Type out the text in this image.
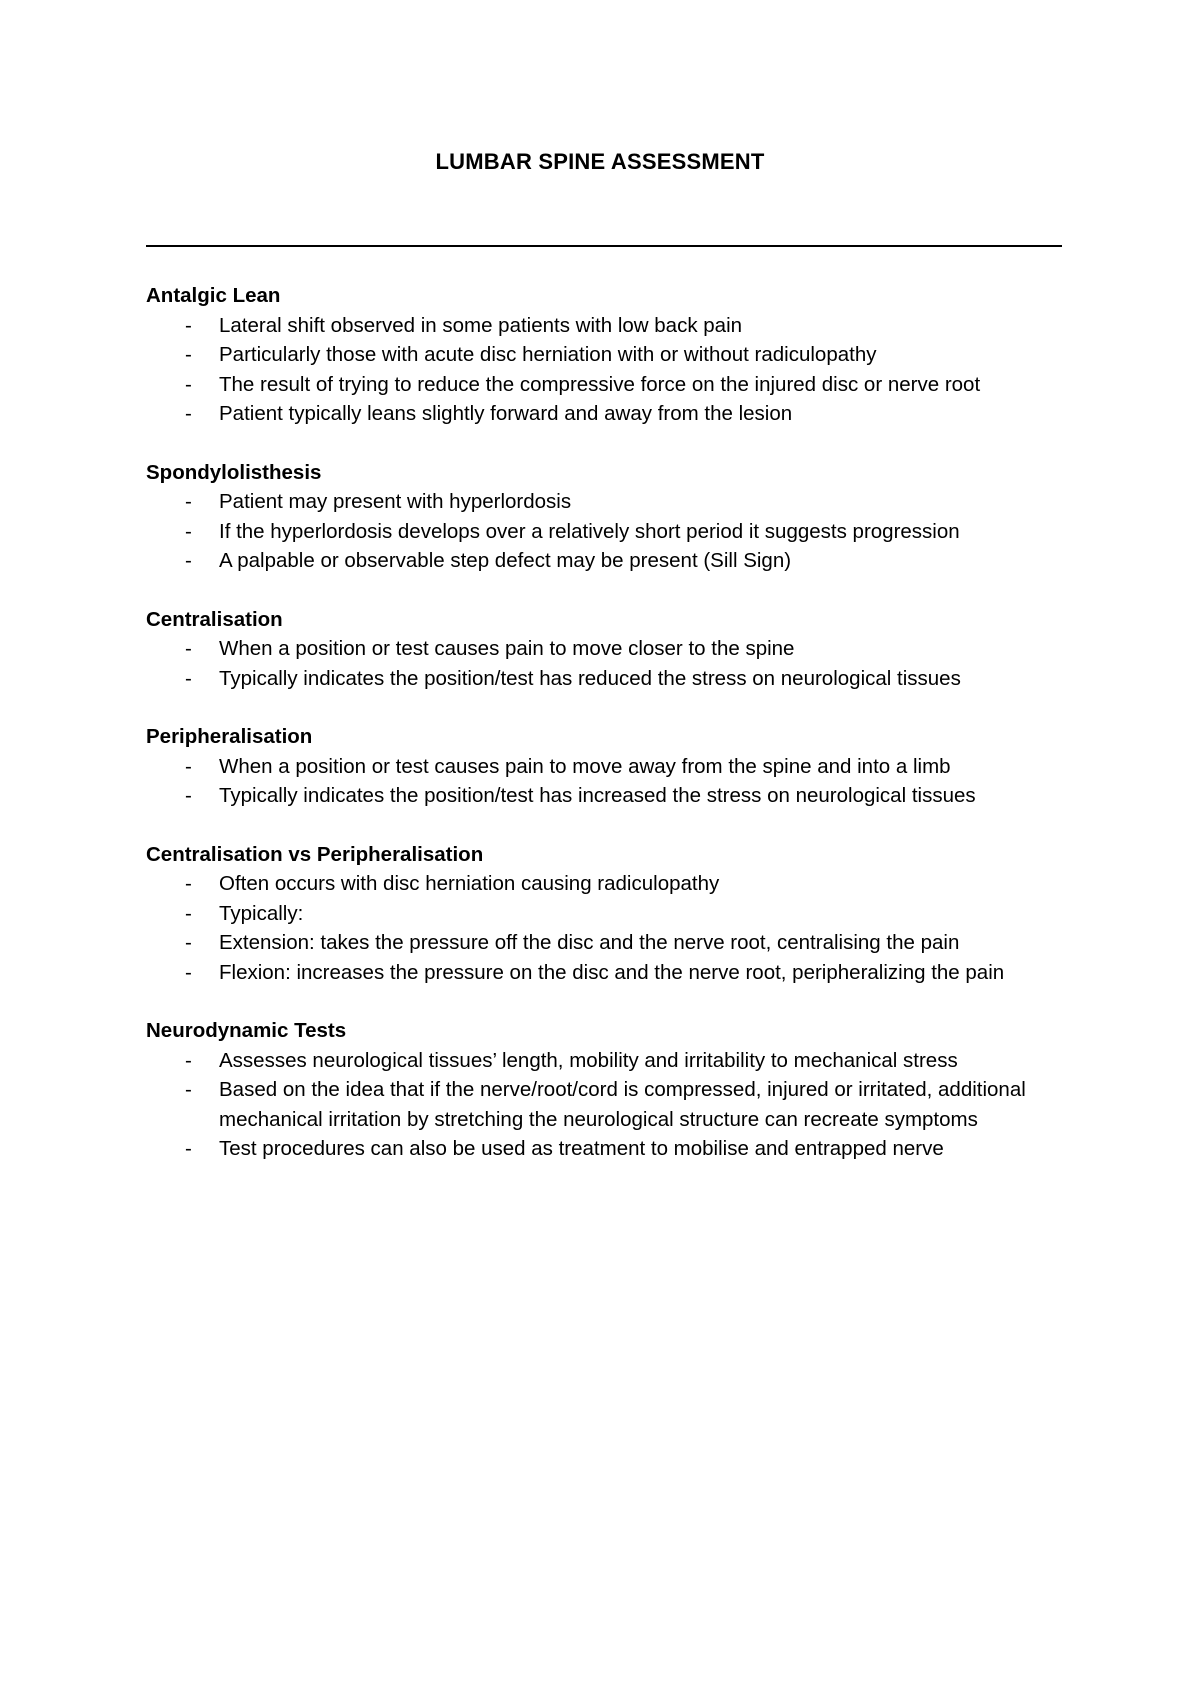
LUMBAR SPINE ASSESSMENT
Antalgic Lean
- Lateral shift observed in some patients with low back pain
- Particularly those with acute disc herniation with or without radiculopathy
- The result of trying to reduce the compressive force on the injured disc or nerve root
- Patient typically leans slightly forward and away from the lesion
Spondylolisthesis
- Patient may present with hyperlordosis
- If the hyperlordosis develops over a relatively short period it suggests progression
- A palpable or observable step defect may be present (Sill Sign)
Centralisation
- When a position or test causes pain to move closer to the spine
- Typically indicates the position/test has reduced the stress on neurological tissues
Peripheralisation
- When a position or test causes pain to move away from the spine and into a limb
- Typically indicates the position/test has increased the stress on neurological tissues
Centralisation vs Peripheralisation
- Often occurs with disc herniation causing radiculopathy
- Typically:
- Extension: takes the pressure off the disc and the nerve root, centralising the pain
- Flexion: increases the pressure on the disc and the nerve root, peripheralizing the pain
Neurodynamic Tests
- Assesses neurological tissues’ length, mobility and irritability to mechanical stress
- Based on the idea that if the nerve/root/cord is compressed, injured or irritated, additional mechanical irritation by stretching the neurological structure can recreate symptoms
- Test procedures can also be used as treatment to mobilise and entrapped nerve
